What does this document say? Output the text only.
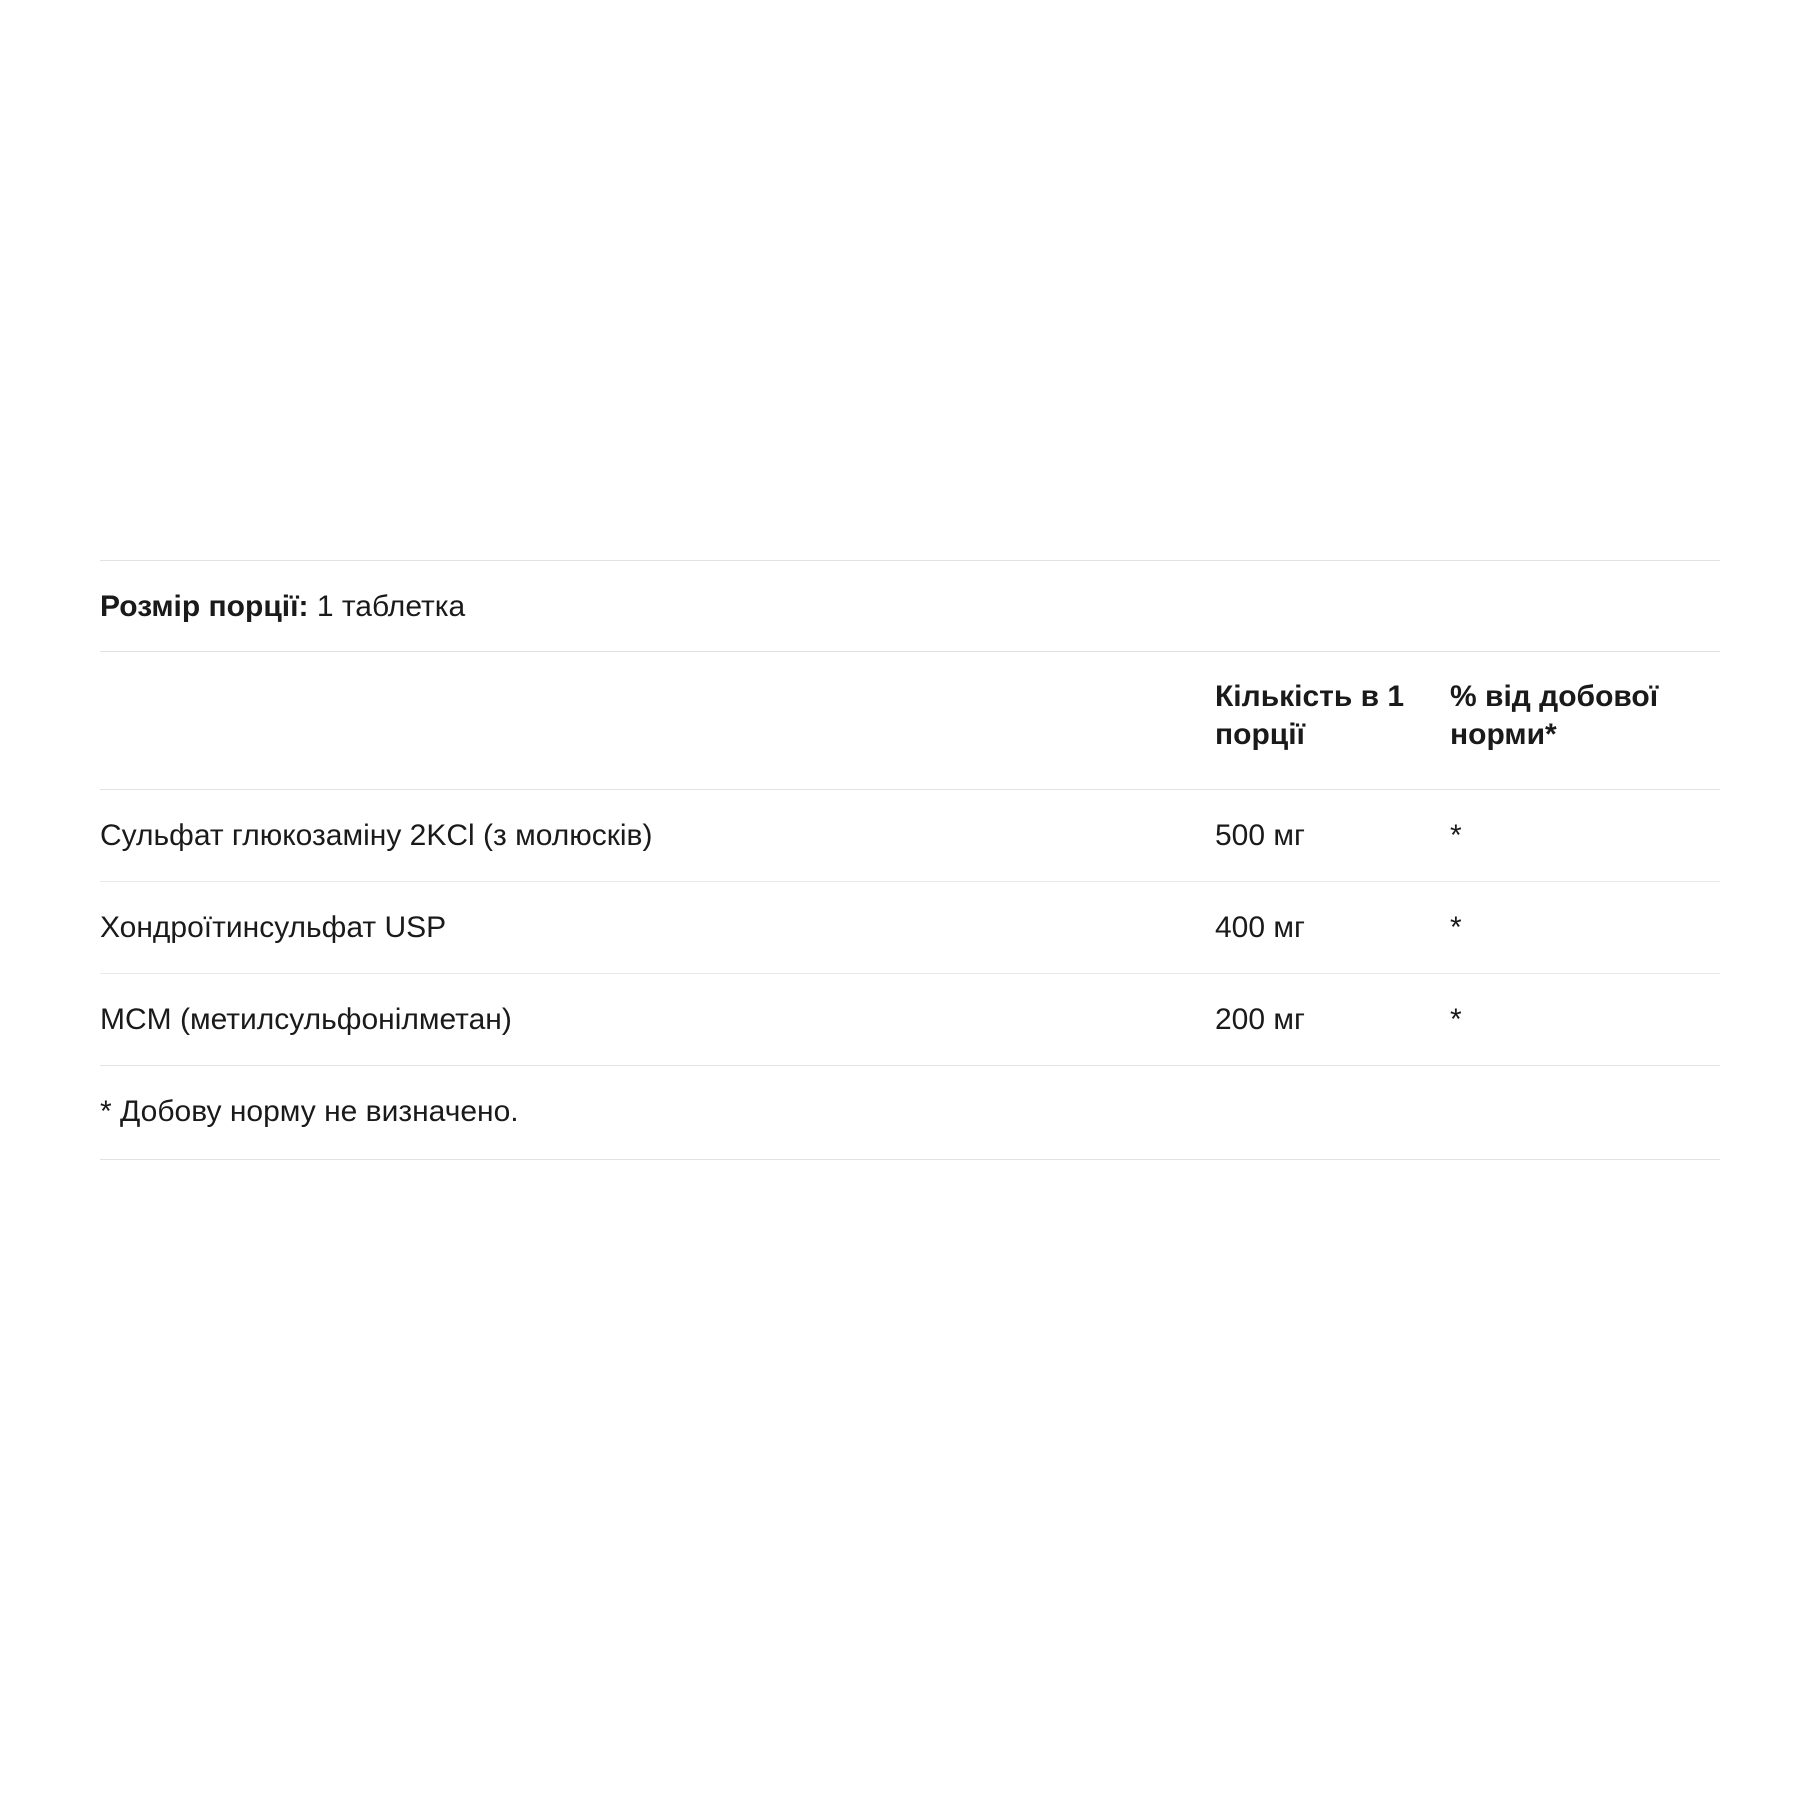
Розмір порції: 1 таблетка
	Кількість в 1 порції	% від добової норми*
Сульфат глюкозаміну 2KCl (з молюсків)	500 мг	*
Хондроїтинсульфат USP	400 мг	*
MCM (метилсульфонілметан)	200 мг	*
* Добову норму не визначено.
